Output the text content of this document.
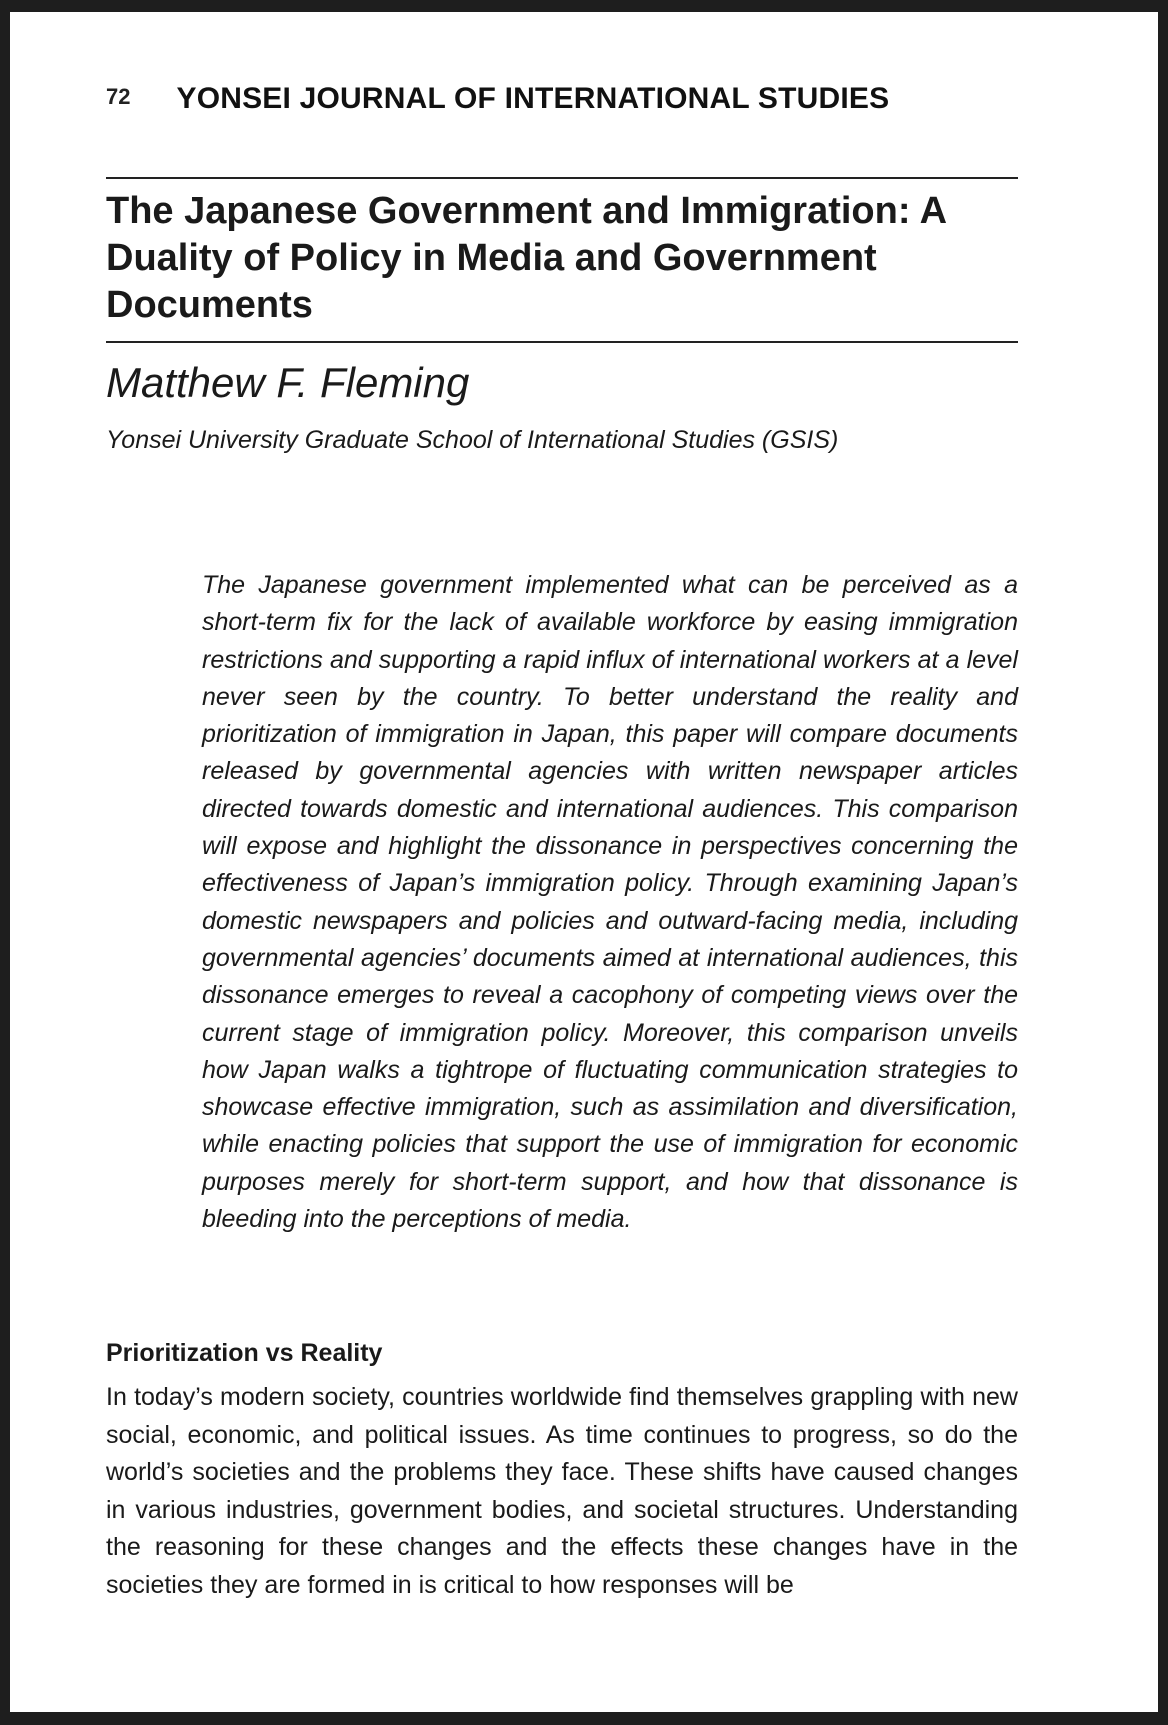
72 YONSEI JOURNAL OF INTERNATIONAL STUDIES
The Japanese Government and Immigration: A Duality of Policy in Media and Government Documents

Matthew F. Fleming

Yonsei University Graduate School of International Studies (GSIS)

The Japanese government implemented what can be perceived as a short-term fix for the lack of available workforce by easing immigration restrictions and supporting a rapid influx of international workers at a level never seen by the country. To better understand the reality and prioritization of immigration in Japan, this paper will compare documents released by governmental agencies with written newspaper articles directed towards domestic and international audiences. This comparison will expose and highlight the dissonance in perspectives concerning the effectiveness of Japan’s immigration policy. Through examining Japan’s domestic newspapers and policies and outward-facing media, including governmental agencies’ documents aimed at international audiences, this dissonance emerges to reveal a cacophony of competing views over the current stage of immigration policy. Moreover, this comparison unveils how Japan walks a tightrope of fluctuating communication strategies to showcase effective immigration, such as assimilation and diversification, while enacting policies that support the use of immigration for economic purposes merely for short-term support, and how that dissonance is bleeding into the perceptions of media.

Prioritization vs Reality

In today’s modern society, countries worldwide find themselves grappling with new social, economic, and political issues. As time continues to progress, so do the world’s societies and the problems they face. These shifts have caused changes in various industries, government bodies, and societal structures. Understanding the reasoning for these changes and the effects these changes have in the societies they are formed in is critical to how responses will be
